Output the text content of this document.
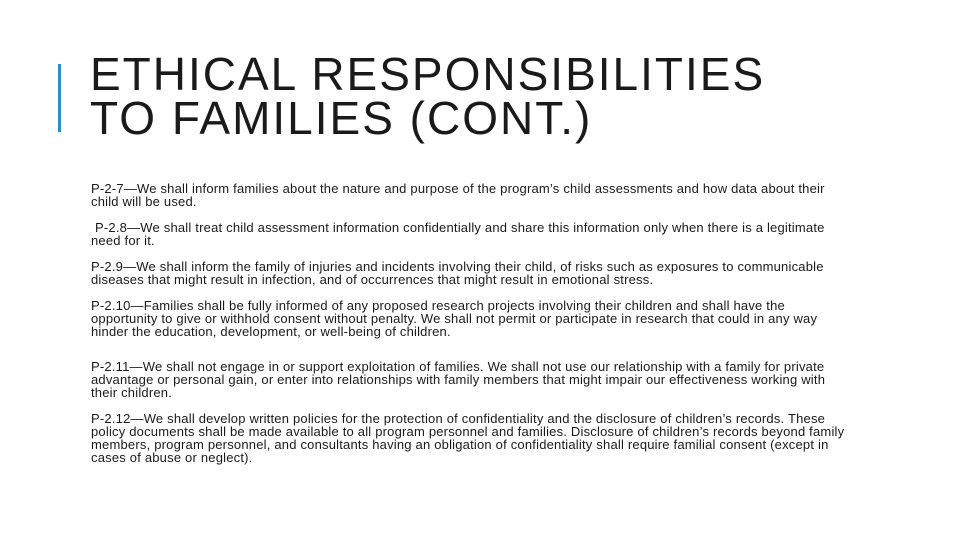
ETHICAL RESPONSIBILITIES
TO FAMILIES (CONT.)

P-2-7—We shall inform families about the nature and purpose of the program’s child assessments and how data about their child will be used.

P-2.8—We shall treat child assessment information confidentially and share this information only when there is a legitimate need for it.

P-2.9—We shall inform the family of injuries and incidents involving their child, of risks such as exposures to communicable diseases that might result in infection, and of occurrences that might result in emotional stress.

P-2.10—Families shall be fully informed of any proposed research projects involving their children and shall have the opportunity to give or withhold consent without penalty. We shall not permit or participate in research that could in any way hinder the education, development, or well-being of children.

P-2.11—We shall not engage in or support exploitation of families. We shall not use our relationship with a family for private advantage or personal gain, or enter into relationships with family members that might impair our effectiveness working with their children.

P-2.12—We shall develop written policies for the protection of confidentiality and the disclosure of children’s records. These policy documents shall be made available to all program personnel and families. Disclosure of children’s records beyond family members, program personnel, and consultants having an obligation of confidentiality shall require familial consent (except in cases of abuse or neglect).
